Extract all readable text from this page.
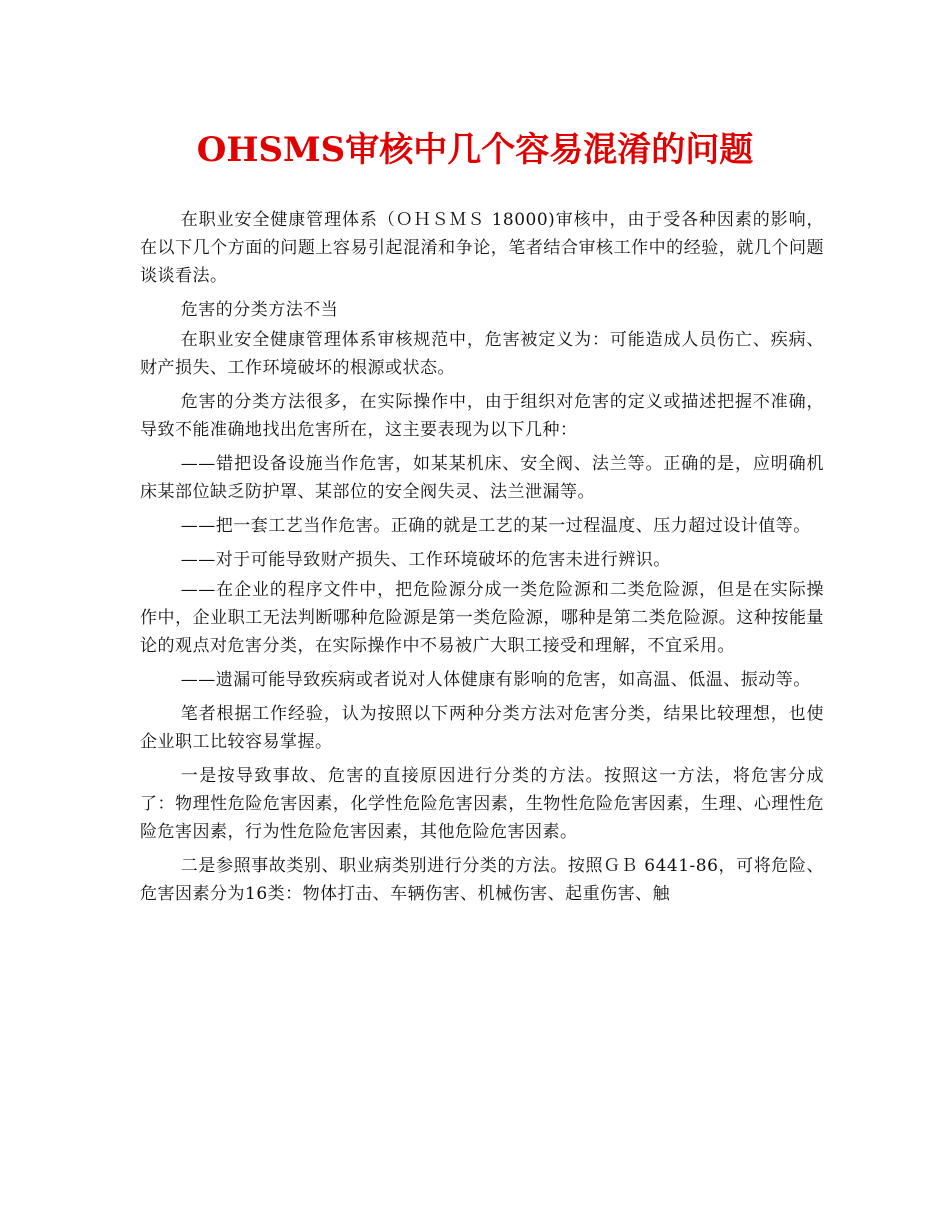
OHSMS审核中几个容易混淆的问题

在职业安全健康管理体系（ＯＨＳＭＳ 18000)审核中，由于受各种因素的影响，在以下几个方面的问题上容易引起混淆和争论，笔者结合审核工作中的经验，就几个问题谈谈看法。

危害的分类方法不当

在职业安全健康管理体系审核规范中，危害被定义为：可能造成人员伤亡、疾病、财产损失、工作环境破坏的根源或状态。

危害的分类方法很多，在实际操作中，由于组织对危害的定义或描述把握不准确，导致不能准确地找出危害所在，这主要表现为以下几种：

——错把设备设施当作危害，如某某机床、安全阀、法兰等。正确的是，应明确机床某部位缺乏防护罩、某部位的安全阀失灵、法兰泄漏等。

——把一套工艺当作危害。正确的就是工艺的某一过程温度、压力超过设计值等。

——对于可能导致财产损失、工作环境破坏的危害未进行辨识。

——在企业的程序文件中，把危险源分成一类危险源和二类危险源，但是在实际操作中，企业职工无法判断哪种危险源是第一类危险源，哪种是第二类危险源。这种按能量论的观点对危害分类，在实际操作中不易被广大职工接受和理解，不宜采用。

——遗漏可能导致疾病或者说对人体健康有影响的危害，如高温、低温、振动等。

笔者根据工作经验，认为按照以下两种分类方法对危害分类，结果比较理想，也使企业职工比较容易掌握。

一是按导致事故、危害的直接原因进行分类的方法。按照这一方法，将危害分成了：物理性危险危害因素，化学性危险危害因素，生物性危险危害因素，生理、心理性危险危害因素，行为性危险危害因素，其他危险危害因素。

二是参照事故类别、职业病类别进行分类的方法。按照ＧＢ 6441-86，可将危险、危害因素分为16类：物体打击、车辆伤害、机械伤害、起重伤害、触
